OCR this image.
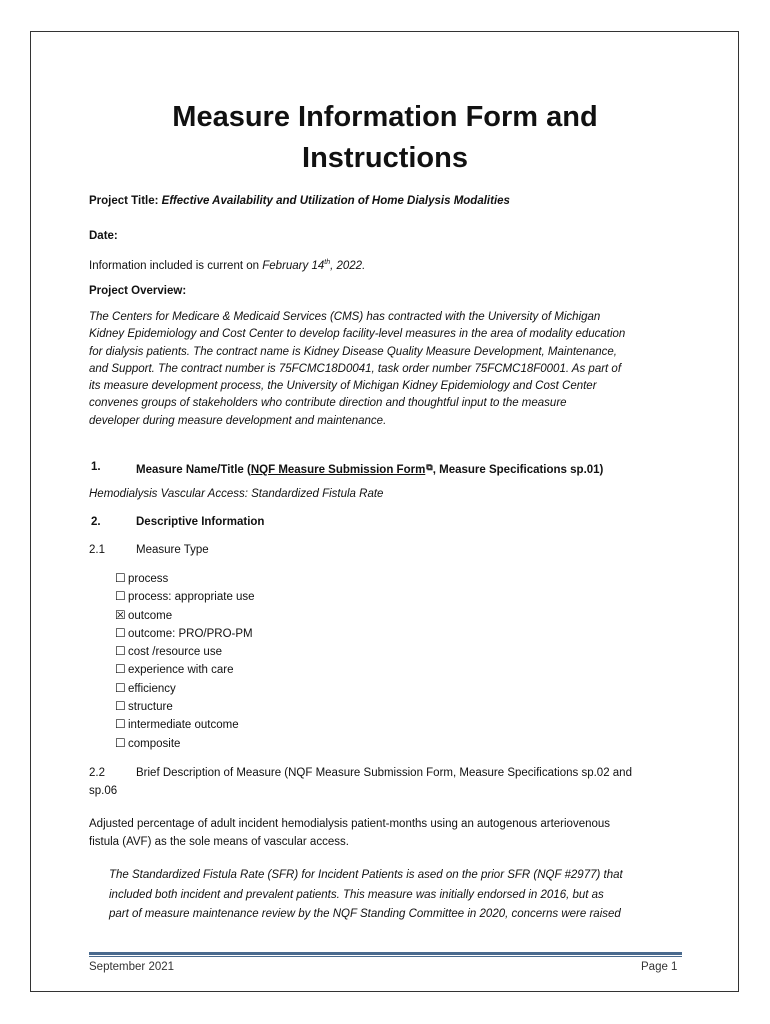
Measure Information Form and
Instructions
Project Title: Effective Availability and Utilization of Home Dialysis Modalities
Date:
Information included is current on February 14th, 2022.
Project Overview:
The Centers for Medicare & Medicaid Services (CMS) has contracted with the University of Michigan
Kidney Epidemiology and Cost Center to develop facility-level measures in the area of modality education
for dialysis patients. The contract name is Kidney Disease Quality Measure Development, Maintenance,
and Support. The contract number is 75FCMC18D0041, task order number 75FCMC18F0001. As part of
its measure development process, the University of Michigan Kidney Epidemiology and Cost Center
convenes groups of stakeholders who contribute direction and thoughtful input to the measure
developer during measure development and maintenance.
1.	Measure Name/Title (NQF Measure Submission Form⧉, Measure Specifications sp.01)
Hemodialysis Vascular Access: Standardized Fistula Rate
2.	Descriptive Information
2.1	Measure Type
☐ process
☐ process: appropriate use
☒ outcome
☐ outcome: PRO/PRO-PM
☐ cost /resource use
☐ experience with care
☐ efficiency
☐ structure
☐ intermediate outcome
☐ composite
2.2	Brief Description of Measure (NQF Measure Submission Form, Measure Specifications sp.02 and
sp.06
Adjusted percentage of adult incident hemodialysis patient-months using an autogenous arteriovenous
fistula (AVF) as the sole means of vascular access.
The Standardized Fistula Rate (SFR) for Incident Patients is ased on the prior SFR (NQF #2977) that
included both incident and prevalent patients. This measure was initially endorsed in 2016, but as
part of measure maintenance review by the NQF Standing Committee in 2020, concerns were raised
September 2021	Page 1
